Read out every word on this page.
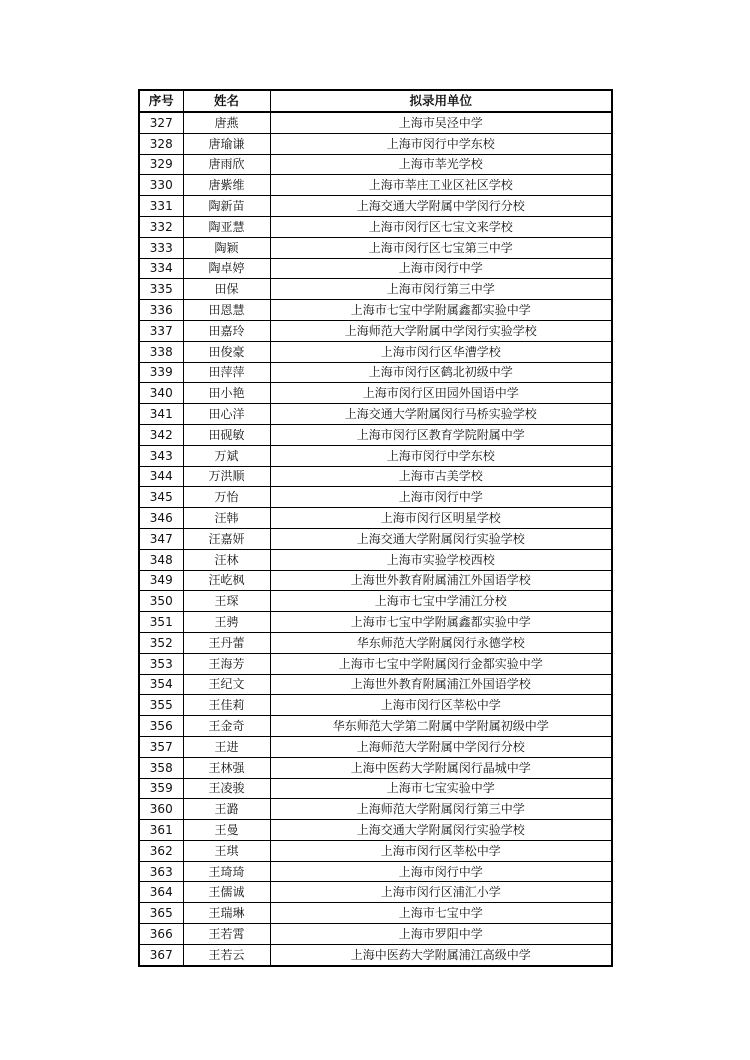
序号	姓名	拟录用单位
327	唐燕	上海市吴泾中学
328	唐瑜谦	上海市闵行中学东校
329	唐雨欣	上海市莘光学校
330	唐紫维	上海市莘庄工业区社区学校
331	陶新苗	上海交通大学附属中学闵行分校
332	陶亚慧	上海市闵行区七宝文来学校
333	陶颖	上海市闵行区七宝第三中学
334	陶卓婷	上海市闵行中学
335	田保	上海市闵行第三中学
336	田恩慧	上海市七宝中学附属鑫都实验中学
337	田嘉玲	上海师范大学附属中学闵行实验学校
338	田俊豪	上海市闵行区华漕学校
339	田萍萍	上海市闵行区鹤北初级中学
340	田小艳	上海市闵行区田园外国语中学
341	田心洋	上海交通大学附属闵行马桥实验学校
342	田砚敏	上海市闵行区教育学院附属中学
343	万斌	上海市闵行中学东校
344	万洪顺	上海市古美学校
345	万怡	上海市闵行中学
346	汪韩	上海市闵行区明星学校
347	汪嘉妍	上海交通大学附属闵行实验学校
348	汪林	上海市实验学校西校
349	汪屹枫	上海世外教育附属浦江外国语学校
350	王琛	上海市七宝中学浦江分校
351	王骋	上海市七宝中学附属鑫都实验中学
352	王丹蕾	华东师范大学附属闵行永德学校
353	王海芳	上海市七宝中学附属闵行金都实验中学
354	王纪文	上海世外教育附属浦江外国语学校
355	王佳莉	上海市闵行区莘松中学
356	王金奇	华东师范大学第二附属中学附属初级中学
357	王进	上海师范大学附属中学闵行分校
358	王林强	上海中医药大学附属闵行晶城中学
359	王凌骏	上海市七宝实验中学
360	王潞	上海师范大学附属闵行第三中学
361	王曼	上海交通大学附属闵行实验学校
362	王琪	上海市闵行区莘松中学
363	王琦琦	上海市闵行中学
364	王儒诚	上海市闵行区浦汇小学
365	王瑞琳	上海市七宝中学
366	王若霄	上海市罗阳中学
367	王若云	上海中医药大学附属浦江高级中学
